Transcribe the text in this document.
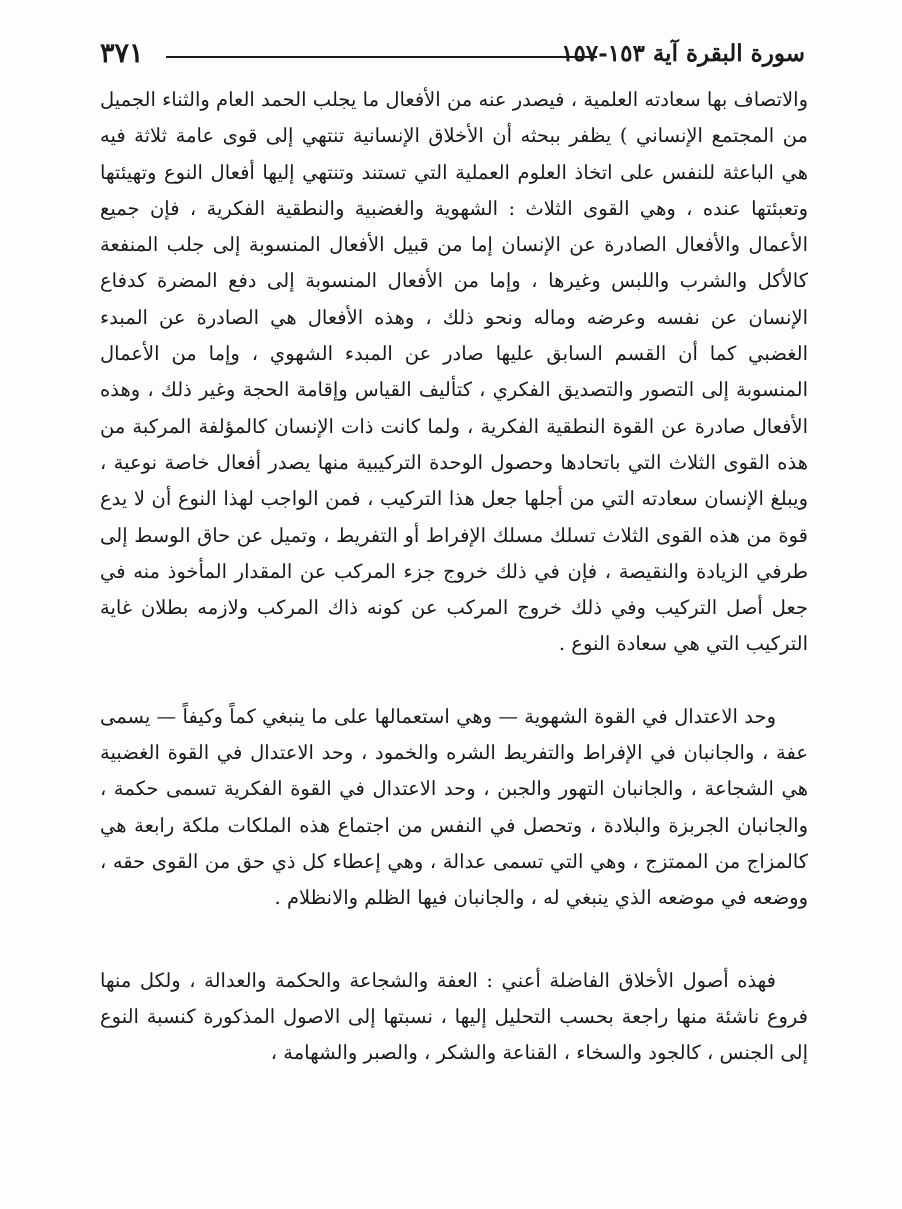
٣٧١	سورة البقرة آية ١٥٣-١٥٧

والاتصاف بها سعادته العلمية ، فيصدر عنه من الأفعال ما يجلب الحمد العام والثناء الجميل من المجتمع الإنساني ) يظفر ببحثه أن الأخلاق الإنسانية تنتهي إلى قوى عامة ثلاثة فيه هي الباعثة للنفس على اتخاذ العلوم العملية التي تستند وتنتهي إليها أفعال النوع وتهيئتها وتعبئتها عنده ، وهي القوى الثلاث : الشهوية والغضبية والنطقية الفكرية ، فإن جميع الأعمال والأفعال الصادرة عن الإنسان إما من قبيل الأفعال المنسوبة إلى جلب المنفعة كالأكل والشرب واللبس وغيرها ، وإما من الأفعال المنسوبة إلى دفع المضرة كدفاع الإنسان عن نفسه وعرضه وماله ونحو ذلك ، وهذه الأفعال هي الصادرة عن المبدء الغضبي كما أن القسم السابق عليها صادر عن المبدء الشهوي ، وإما من الأعمال المنسوبة إلى التصور والتصديق الفكري ، كتأليف القياس وإقامة الحجة وغير ذلك ، وهذه الأفعال صادرة عن القوة النطقية الفكرية ، ولما كانت ذات الإنسان كالمؤلفة المركبة من هذه القوى الثلاث التي باتحادها وحصول الوحدة التركيبية منها يصدر أفعال خاصة نوعية ، ويبلغ الإنسان سعادته التي من أجلها جعل هذا التركيب ، فمن الواجب لهذا النوع أن لا يدع قوة من هذه القوى الثلاث تسلك مسلك الإفراط أو التفريط ، وتميل عن حاق الوسط إلى طرفي الزيادة والنقيصة ، فإن في ذلك خروج جزء المركب عن المقدار المأخوذ منه في جعل أصل التركيب وفي ذلك خروج المركب عن كونه ذاك المركب ولازمه بطلان غاية التركيب التي هي سعادة النوع .

وحد الاعتدال في القوة الشهوية — وهي استعمالها على ما ينبغي كماً وكيفاً — يسمى عفة ، والجانبان في الإفراط والتفريط الشره والخمود ، وحد الاعتدال في القوة الغضبية هي الشجاعة ، والجانبان التهور والجبن ، وحد الاعتدال في القوة الفكرية تسمى حكمة ، والجانبان الجربزة والبلادة ، وتحصل في النفس من اجتماع هذه الملكات ملكة رابعة هي كالمزاج من الممتزج ، وهي التي تسمى عدالة ، وهي إعطاء كل ذي حق من القوى حقه ، ووضعه في موضعه الذي ينبغي له ، والجانبان فيها الظلم والانظلام .

فهذه أصول الأخلاق الفاضلة أعني : العفة والشجاعة والحكمة والعدالة ، ولكل منها فروع ناشئة منها راجعة بحسب التحليل إليها ، نسبتها إلى الاصول المذكورة كنسبة النوع إلى الجنس ، كالجود والسخاء ، القناعة والشكر ، والصبر والشهامة ،
